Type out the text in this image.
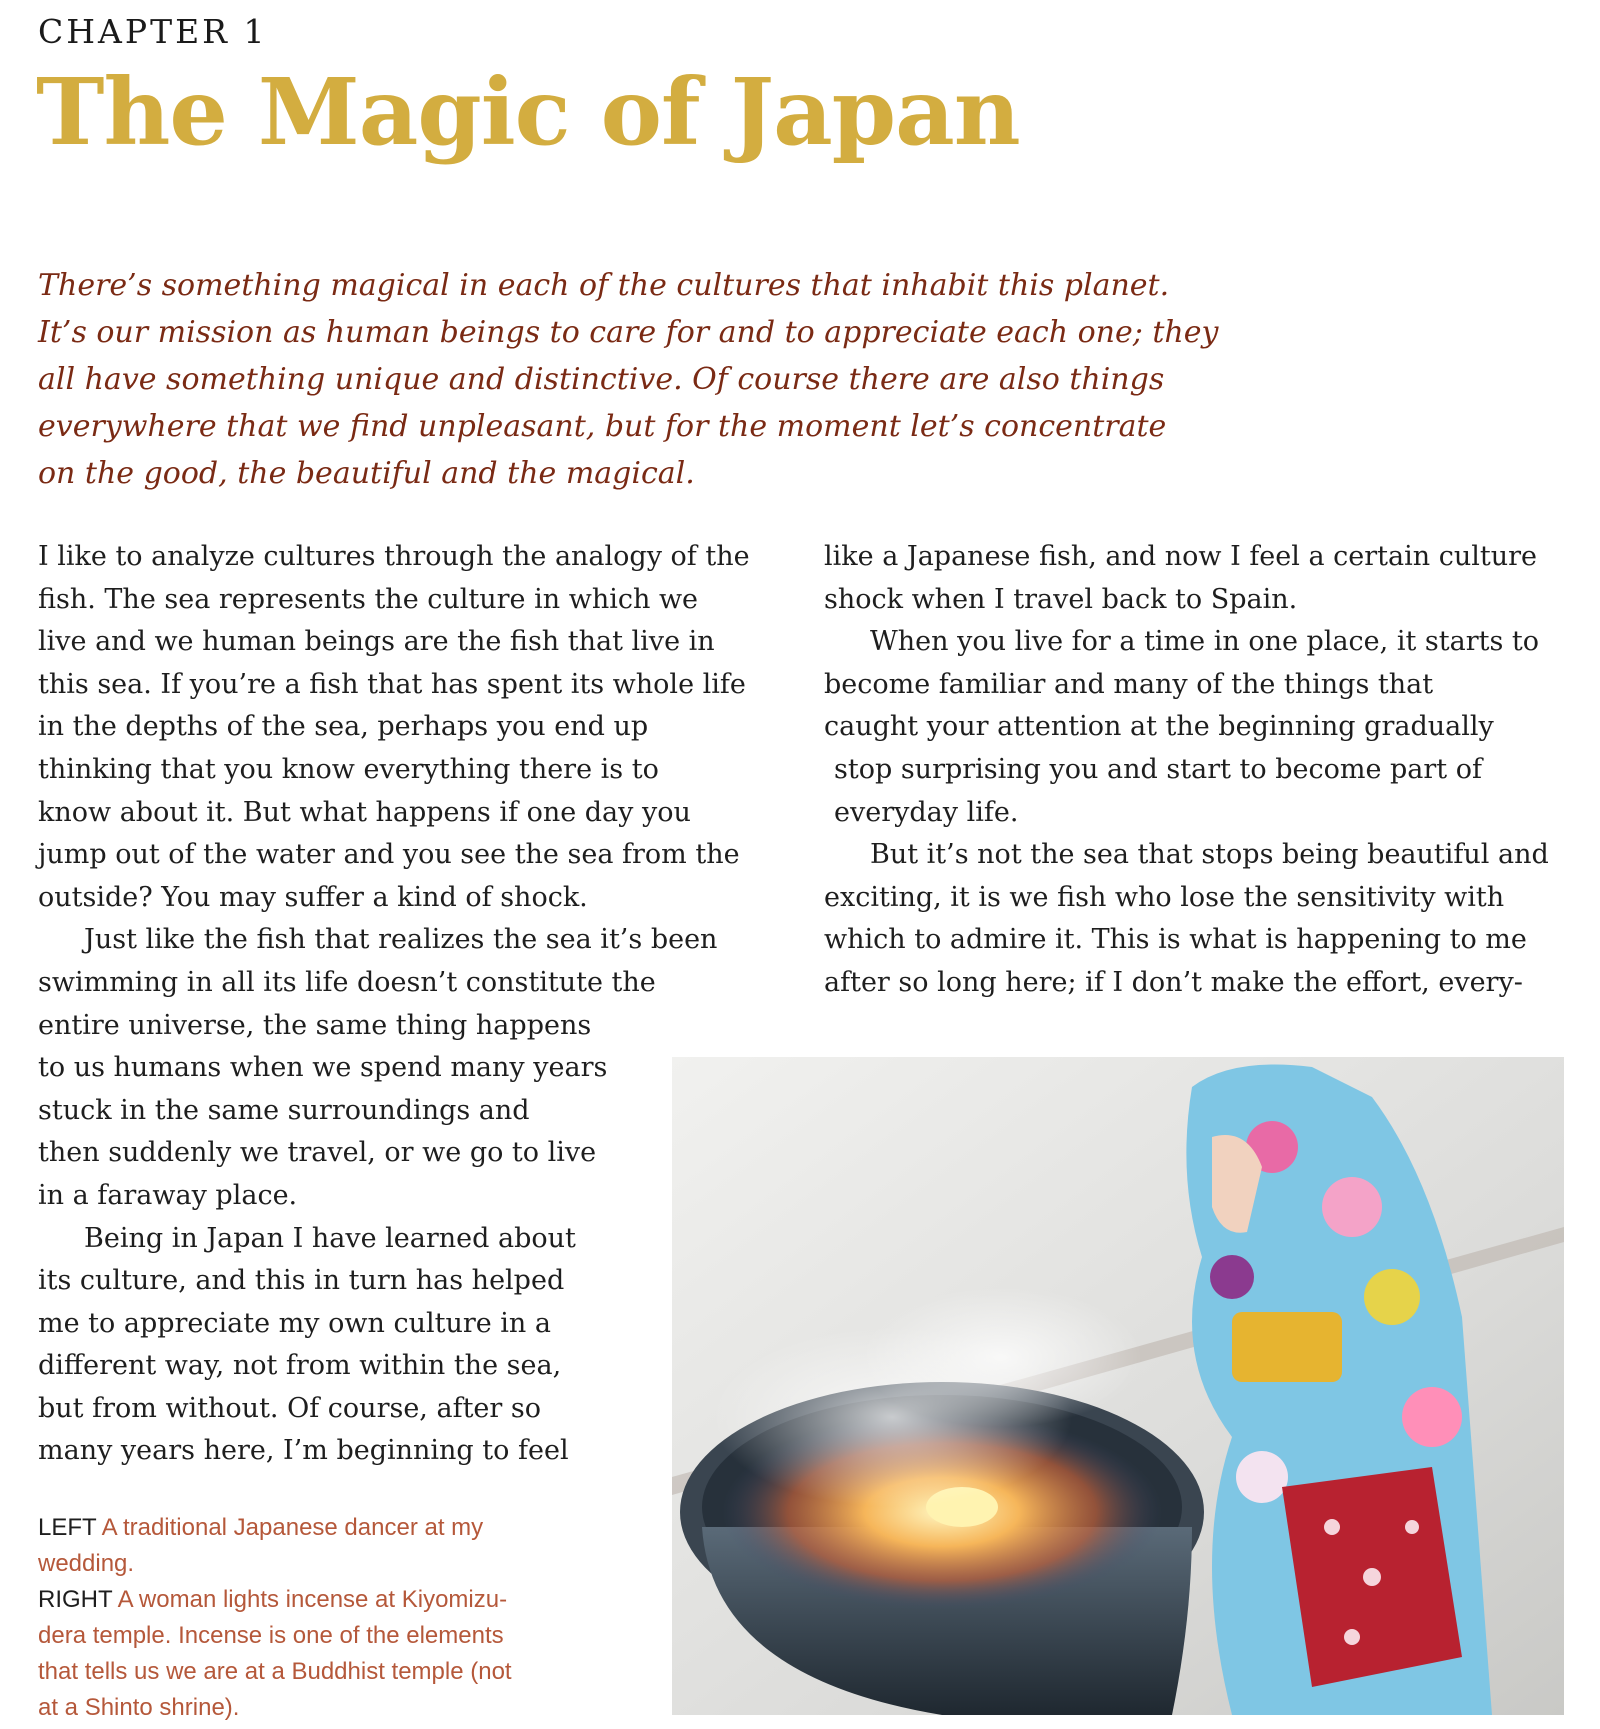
CHAPTER 1
The Magic of Japan
There’s something magical in each of the cultures that inhabit this planet.
It’s our mission as human beings to care for and to appreciate each one; they
all have something unique and distinctive. Of course there are also things
everywhere that we find unpleasant, but for the moment let’s concentrate
on the good, the beautiful and the magical.
I like to analyze cultures through the analogy of the
fish. The sea represents the culture in which we
live and we human beings are the fish that live in
this sea. If you’re a fish that has spent its whole life
in the depths of the sea, perhaps you end up
thinking that you know everything there is to
know about it. But what happens if one day you
jump out of the water and you see the sea from the
outside? You may suffer a kind of shock.
Just like the fish that realizes the sea it’s been
swimming in all its life doesn’t constitute the
entire universe, the same thing happens
to us humans when we spend many years
stuck in the same surroundings and
then suddenly we travel, or we go to live
in a faraway place.
Being in Japan I have learned about
its culture, and this in turn has helped
me to appreciate my own culture in a
different way, not from within the sea,
but from without. Of course, after so
many years here, I’m beginning to feel
like a Japanese fish, and now I feel a certain culture
shock when I travel back to Spain.
When you live for a time in one place, it starts to
become familiar and many of the things that
caught your attention at the beginning gradually
stop surprising you and start to become part of
everyday life.
But it’s not the sea that stops being beautiful and
exciting, it is we fish who lose the sensitivity with
which to admire it. This is what is happening to me
after so long here; if I don’t make the effort, every-
LEFT A traditional Japanese dancer at my
wedding.
RIGHT A woman lights incense at Kiyomizu-
dera temple. Incense is one of the elements
that tells us we are at a Buddhist temple (not
at a Shinto shrine).
